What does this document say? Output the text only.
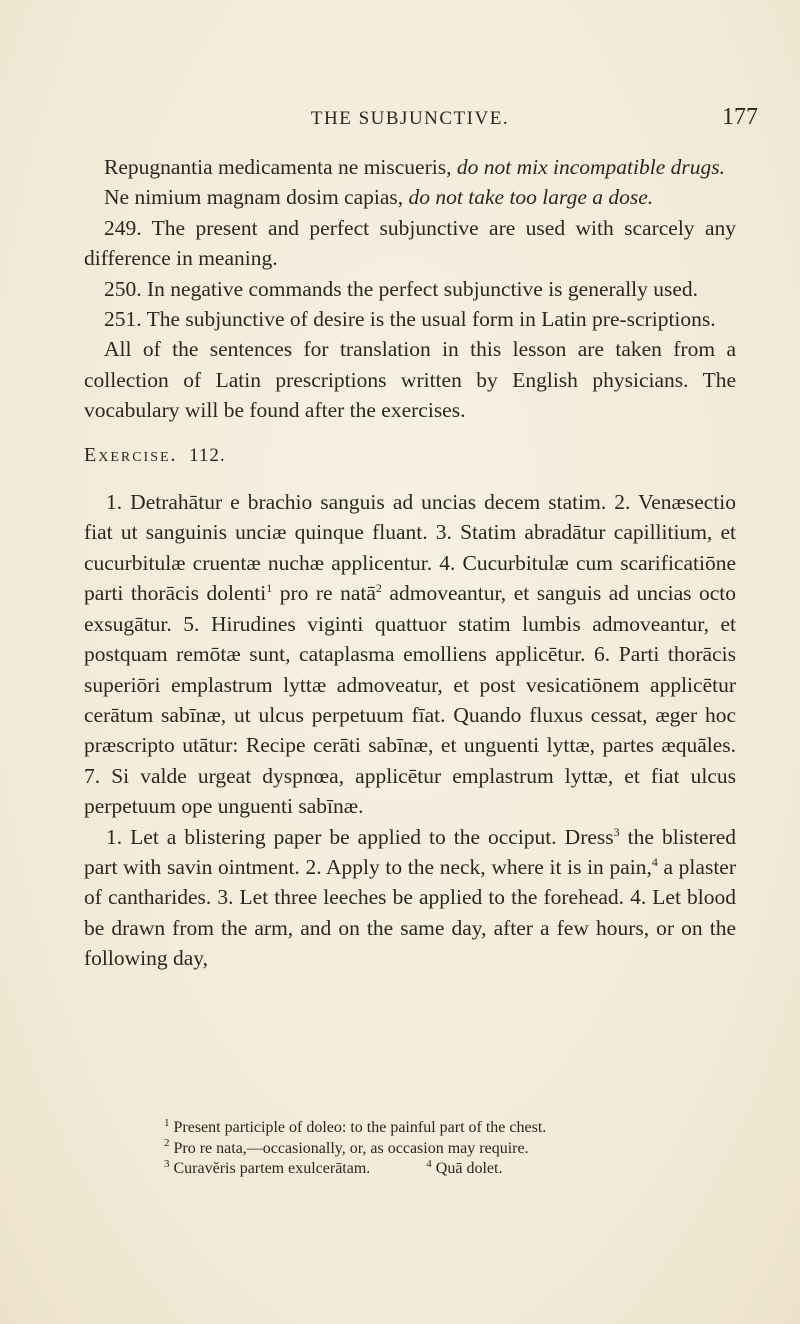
THE SUBJUNCTIVE.	177

Repugnantia medicamenta ne miscueris, do not mix incompatible drugs.

Ne nimium magnam dosim capias, do not take too large a dose.

249. The present and perfect subjunctive are used with scarcely any difference in meaning.

250. In negative commands the perfect subjunctive is generally used.

251. The subjunctive of desire is the usual form in Latin pre-scriptions.

All of the sentences for translation in this lesson are taken from a collection of Latin prescriptions written by English physicians. The vocabulary will be found after the exercises.

Exercise. 112.

1. Detrahātur e brachio sanguis ad uncias decem statim. 2. Venæsectio fiat ut sanguinis unciæ quinque fluant. 3. Statim abradātur capillitium, et cucurbitulæ cruentæ nuchæ applicentur. 4. Cucurbitulæ cum scarificatiōne parti thorācis dolenti$^1$ pro re natā$^2$ admoveantur, et sanguis ad uncias octo exsugātur. 5. Hirudines viginti quattuor statim lumbis admoveantur, et postquam remōtæ sunt, cataplasma emolliens applicētur. 6. Parti thorācis superiōri emplastrum lyttæ admoveatur, et post vesicatiōnem applicētur cerātum sabīnæ, ut ulcus perpetuum fīat. Quando fluxus cessat, æger hoc præscripto utātur: Recipe cerāti sabīnæ, et unguenti lyttæ, partes æquāles. 7. Si valde urgeat dyspnœa, applicētur emplastrum lyttæ, et fiat ulcus perpetuum ope unguenti sabīnæ.

1. Let a blistering paper be applied to the occiput. Dress$^3$ the blistered part with savin ointment. 2. Apply to the neck, where it is in pain,$^4$ a plaster of cantharides. 3. Let three leeches be applied to the forehead. 4. Let blood be drawn from the arm, and on the same day, after a few hours, or on the following day,

$^1$ Present participle of doleo: to the painful part of the chest.

$^2$ Pro re nata,—occasionally, or, as occasion may require.

$^3$ Curavĕris partem exulcerātam.	$^4$ Quā dolet.
